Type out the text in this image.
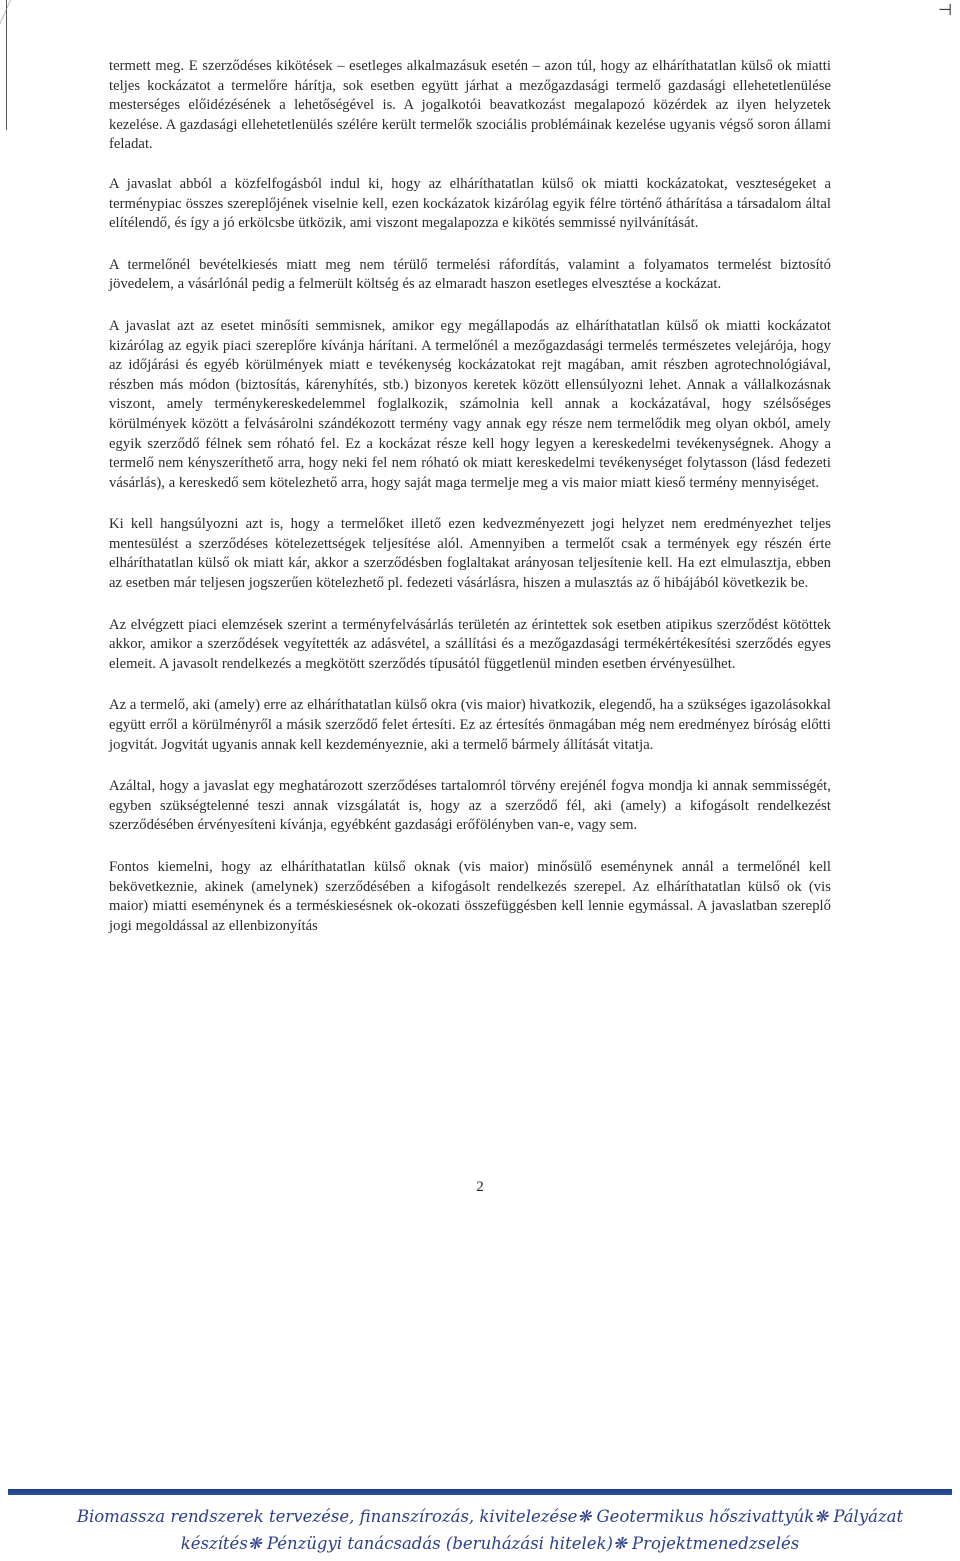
⊣

termett meg. E szerződéses kikötések – esetleges alkalmazásuk esetén – azon túl, hogy az elháríthatatlan külső ok miatti teljes kockázatot a termelőre hárítja, sok esetben együtt járhat a mezőgazdasági termelő gazdasági ellehetetlenülése mesterséges előidézésének a lehetőségével is. A jogalkotói beavatkozást megalapozó közérdek az ilyen helyzetek kezelése. A gazdasági ellehetetlenülés szélére került termelők szociális problémáinak kezelése ugyanis végső soron állami feladat.

A javaslat abból a közfelfogásból indul ki, hogy az elháríthatatlan külső ok miatti kockázatokat, veszteségeket a terménypiac összes szereplőjének viselnie kell, ezen kockázatok kizárólag egyik félre történő áthárítása a társadalom által elítélendő, és így a jó erkölcsbe ütközik, ami viszont megalapozza e kikötés semmissé nyilvánítását.

A termelőnél bevételkiesés miatt meg nem térülő termelési ráfordítás, valamint a folyamatos termelést biztosító jövedelem, a vásárlónál pedig a felmerült költség és az elmaradt haszon esetleges elvesztése a kockázat.

A javaslat azt az esetet minősíti semmisnek, amikor egy megállapodás az elháríthatatlan külső ok miatti kockázatot kizárólag az egyik piaci szereplőre kívánja hárítani. A termelőnél a mezőgazdasági termelés természetes velejárója, hogy az időjárási és egyéb körülmények miatt e tevékenység kockázatokat rejt magában, amit részben agrotechnológiával, részben más módon (biztosítás, kárenyhítés, stb.) bizonyos keretek között ellensúlyozni lehet. Annak a vállalkozásnak viszont, amely terménykereskedelemmel foglalkozik, számolnia kell annak a kockázatával, hogy szélsőséges körülmények között a felvásárolni szándékozott termény vagy annak egy része nem termelődik meg olyan okból, amely egyik szerződő félnek sem róható fel. Ez a kockázat része kell hogy legyen a kereskedelmi tevékenységnek. Ahogy a termelő nem kényszeríthető arra, hogy neki fel nem róható ok miatt kereskedelmi tevékenységet folytasson (lásd fedezeti vásárlás), a kereskedő sem kötelezhető arra, hogy saját maga termelje meg a vis maior miatt kieső termény mennyiséget.

Ki kell hangsúlyozni azt is, hogy a termelőket illető ezen kedvezményezett jogi helyzet nem eredményezhet teljes mentesülést a szerződéses kötelezettségek teljesítése alól. Amennyiben a termelőt csak a termények egy részén érte elháríthatatlan külső ok miatt kár, akkor a szerződésben foglaltakat arányosan teljesítenie kell. Ha ezt elmulasztja, ebben az esetben már teljesen jogszerűen kötelezhető pl. fedezeti vásárlásra, hiszen a mulasztás az ő hibájából következik be.

Az elvégzett piaci elemzések szerint a terményfelvásárlás területén az érintettek sok esetben atipikus szerződést kötöttek akkor, amikor a szerződések vegyítették az adásvétel, a szállítási és a mezőgazdasági termékértékesítési szerződés egyes elemeit. A javasolt rendelkezés a megkötött szerződés típusától függetlenül minden esetben érvényesülhet.

Az a termelő, aki (amely) erre az elháríthatatlan külső okra (vis maior) hivatkozik, elegendő, ha a szükséges igazolásokkal együtt erről a körülményről a másik szerződő felet értesíti. Ez az értesítés önmagában még nem eredményez bíróság előtti jogvitát. Jogvitát ugyanis annak kell kezdeményeznie, aki a termelő bármely állítását vitatja.

Azáltal, hogy a javaslat egy meghatározott szerződéses tartalomról törvény erejénél fogva mondja ki annak semmisségét, egyben szükségtelenné teszi annak vizsgálatát is, hogy az a szerződő fél, aki (amely) a kifogásolt rendelkezést szerződésében érvényesíteni kívánja, egyébként gazdasági erőfölényben van-e, vagy sem.

Fontos kiemelni, hogy az elháríthatatlan külső oknak (vis maior) minősülő eseménynek annál a termelőnél kell bekövetkeznie, akinek (amelynek) szerződésében a kifogásolt rendelkezés szerepel. Az elháríthatatlan külső ok (vis maior) miatti eseménynek és a terméskiesésnek ok-okozati összefüggésben kell lennie egymással. A javaslatban szereplő jogi megoldással az ellenbizonyítás

2
Biomassza rendszerek tervezése, finanszírozás, kivitelezése❋ Geotermikus hőszivattyúk❋ Pályázat
készítés❋ Pénzügyi tanácsadás (beruházási hitelek)❋ Projektmenedzselés
